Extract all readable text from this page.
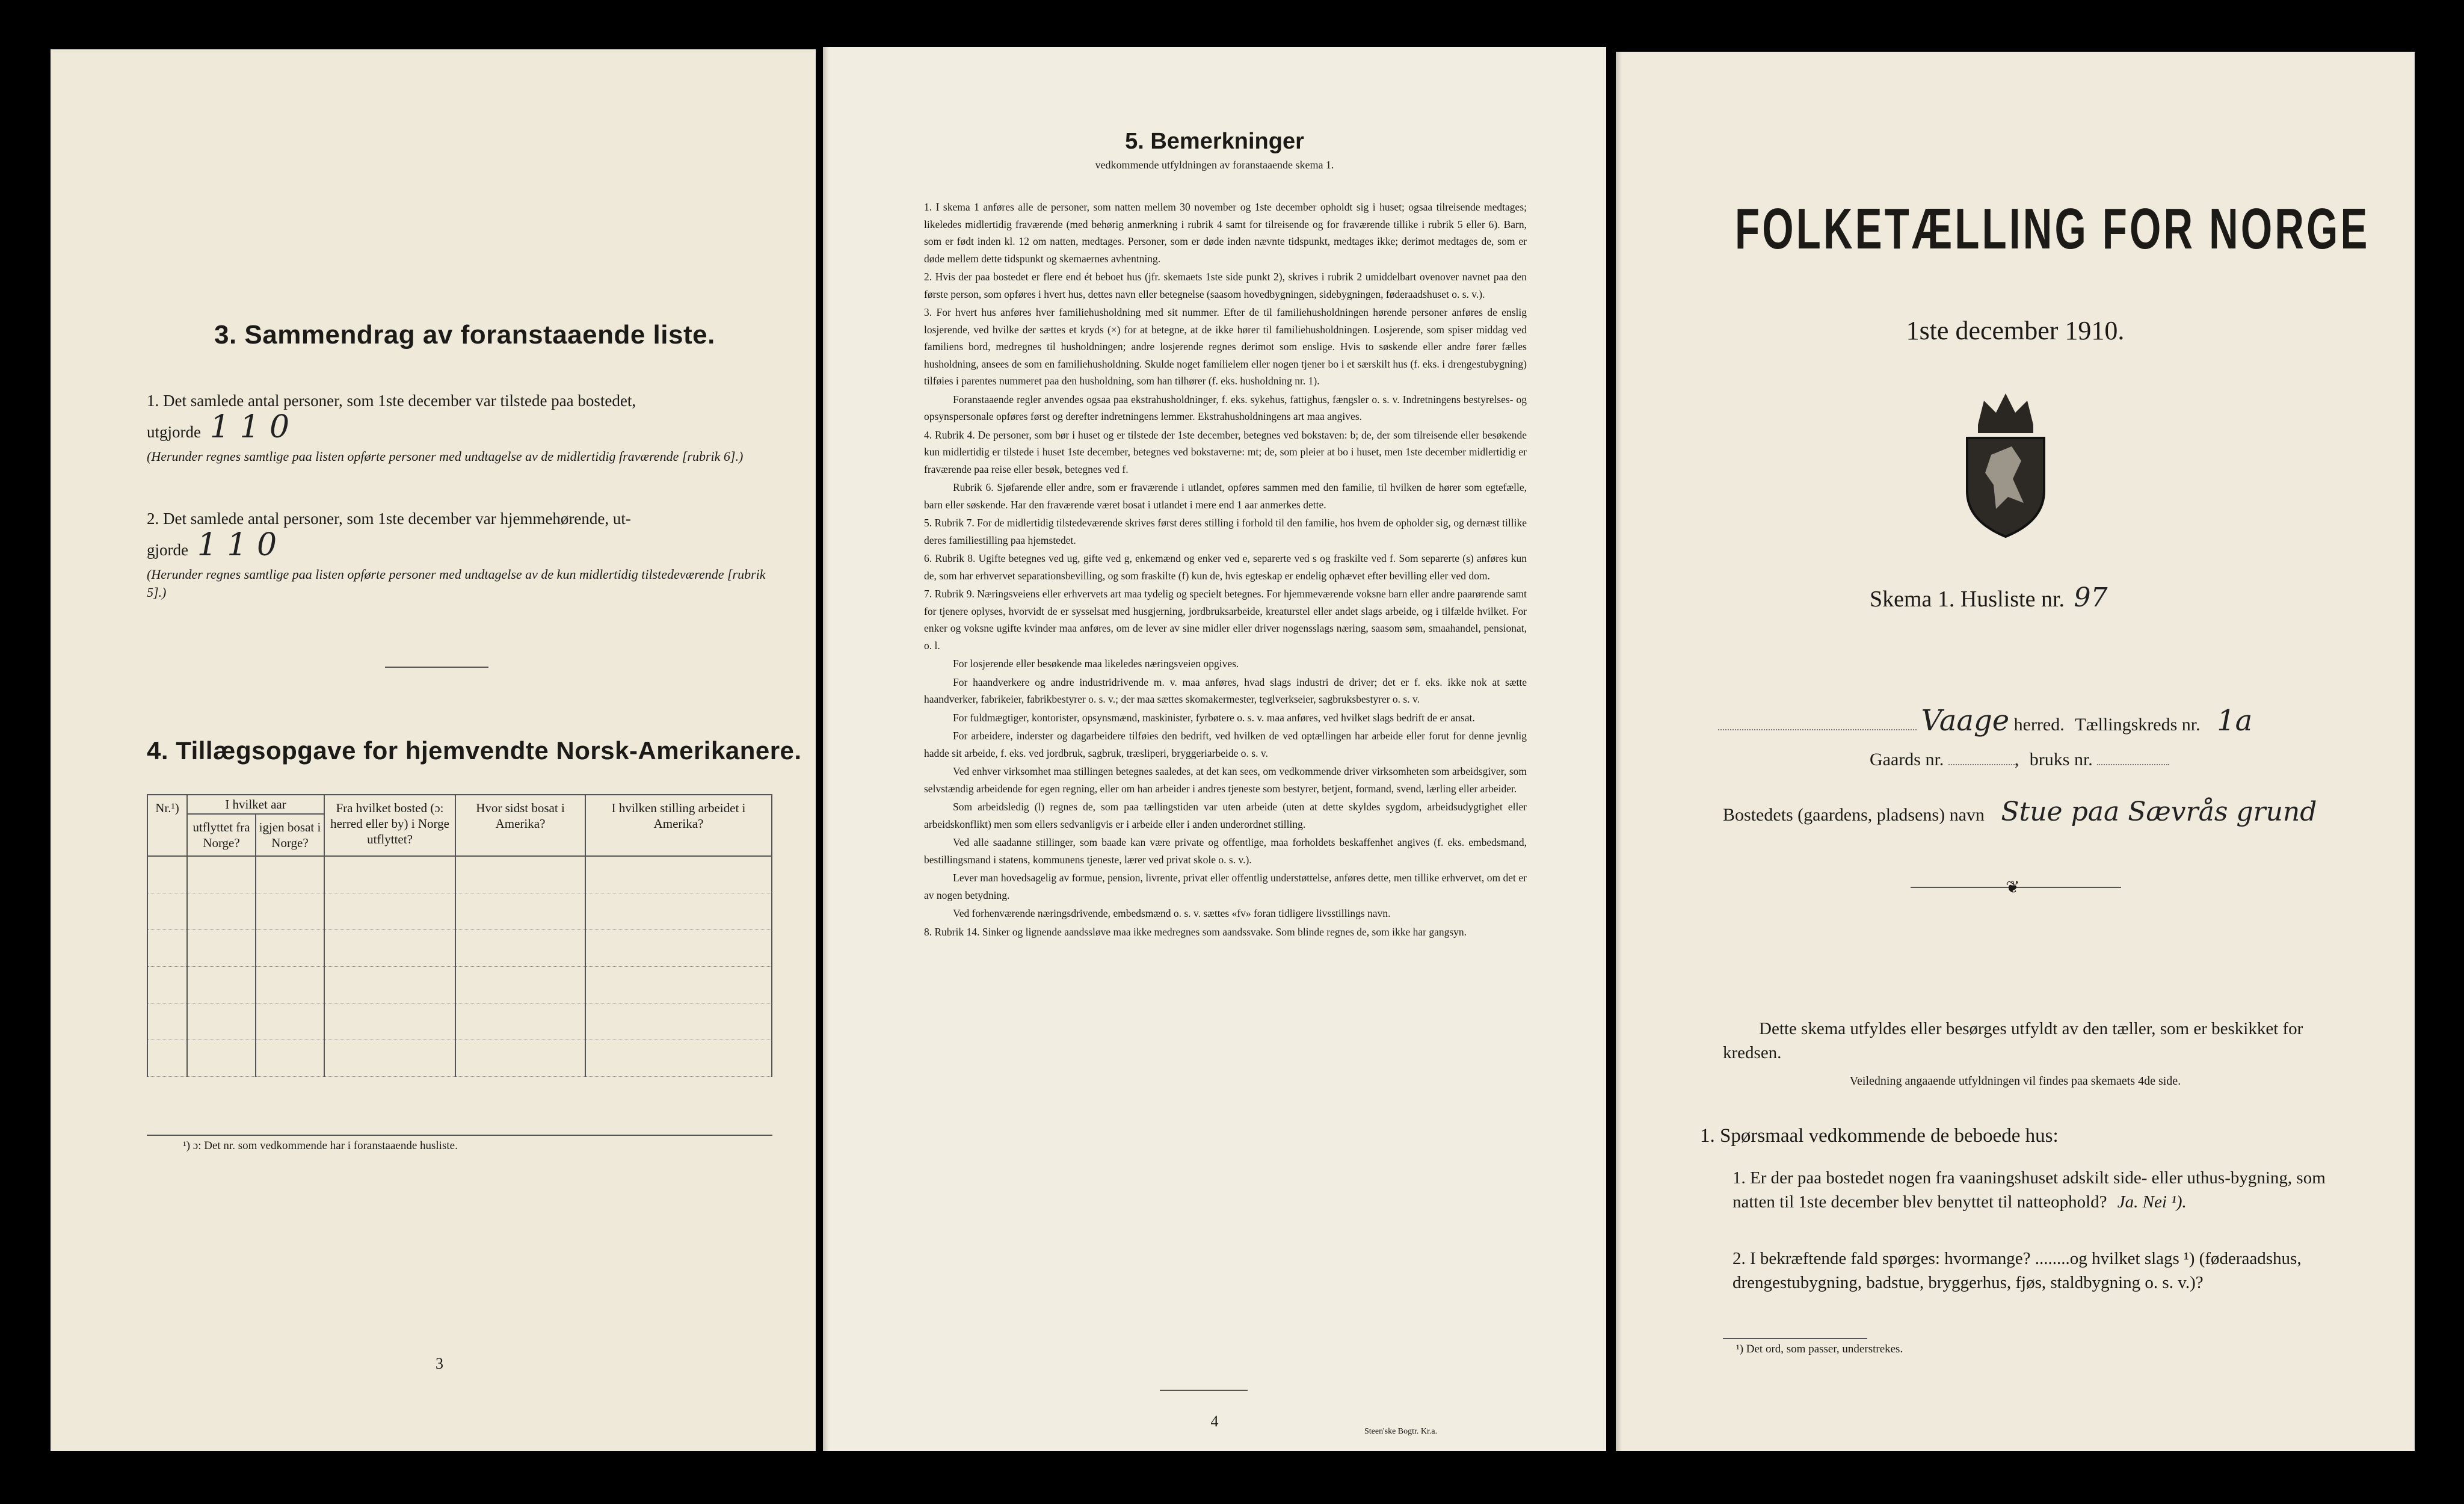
3. Sammendrag av foranstaaende liste.
1. Det samlede antal personer, som 1ste december var tilstede paa bostedet,
utgjorde 1 1 0
(Herunder regnes samtlige paa listen opførte personer med undtagelse av de midlertidig fraværende [rubrik 6].)
2. Det samlede antal personer, som 1ste december var hjemmehørende, ut-
gjorde 1 1 0
(Herunder regnes samtlige paa listen opførte personer med undtagelse av de kun midlertidig tilstedeværende [rubrik 5].)
4. Tillægsopgave for hjemvendte Norsk-Amerikanere.
Nr.¹)	I hvilket aar		Fra hvilket bosted (ɔ: herred eller by) i Norge utflyttet?	Hvor sidst bosat i Amerika?	I hvilken stilling arbeidet i Amerika?
	utflyttet fra Norge?	igjen bosat i Norge?			

¹) ɔ: Det nr. som vedkommende har i foranstaaende husliste.
3
5. Bemerkninger
vedkommende utfyldningen av foranstaaende skema 1.

1. I skema 1 anføres alle de personer, som natten mellem 30 november og 1ste december opholdt sig i huset; ogsaa tilreisende medtages; likeledes midlertidig fraværende (med behørig anmerkning i rubrik 4 samt for tilreisende og for fraværende tillike i rubrik 5 eller 6). Barn, som er født inden kl. 12 om natten, medtages. Personer, som er døde inden nævnte tidspunkt, medtages ikke; derimot medtages de, som er døde mellem dette tidspunkt og skemaernes avhentning.

2. Hvis der paa bostedet er flere end ét beboet hus (jfr. skemaets 1ste side punkt 2), skrives i rubrik 2 umiddelbart ovenover navnet paa den første person, som opføres i hvert hus, dettes navn eller betegnelse (saasom hovedbygningen, sidebygningen, føderaadshuset o. s. v.).

3. For hvert hus anføres hver familiehusholdning med sit nummer. Efter de til familiehusholdningen hørende personer anføres de enslig losjerende, ved hvilke der sættes et kryds (×) for at betegne, at de ikke hører til familiehusholdningen. Losjerende, som spiser middag ved familiens bord, medregnes til husholdningen; andre losjerende regnes derimot som enslige. Hvis to søskende eller andre fører fælles husholdning, ansees de som en familiehusholdning. Skulde noget familielem eller nogen tjener bo i et særskilt hus (f. eks. i drengestubygning) tilføies i parentes nummeret paa den husholdning, som han tilhører (f. eks. husholdning nr. 1).

Foranstaaende regler anvendes ogsaa paa ekstrahusholdninger, f. eks. sykehus, fattighus, fængsler o. s. v. Indretningens bestyrelses- og opsynspersonale opføres først og derefter indretningens lemmer. Ekstrahusholdningens art maa angives.

4. Rubrik 4. De personer, som bør i huset og er tilstede der 1ste december, betegnes ved bokstaven: b; de, der som tilreisende eller besøkende kun midlertidig er tilstede i huset 1ste december, betegnes ved bokstaverne: mt; de, som pleier at bo i huset, men 1ste december midlertidig er fraværende paa reise eller besøk, betegnes ved f.

Rubrik 6. Sjøfarende eller andre, som er fraværende i utlandet, opføres sammen med den familie, til hvilken de hører som egtefælle, barn eller søskende. Har den fraværende været bosat i utlandet i mere end 1 aar anmerkes dette.

5. Rubrik 7. For de midlertidig tilstedeværende skrives først deres stilling i forhold til den familie, hos hvem de opholder sig, og dernæst tillike deres familiestilling paa hjemstedet.

6. Rubrik 8. Ugifte betegnes ved ug, gifte ved g, enkemænd og enker ved e, separerte ved s og fraskilte ved f. Som separerte (s) anføres kun de, som har erhvervet separationsbevilling, og som fraskilte (f) kun de, hvis egteskap er endelig ophævet efter bevilling eller ved dom.

7. Rubrik 9. Næringsveiens eller erhvervets art maa tydelig og specielt betegnes. For hjemmeværende voksne barn eller andre paarørende samt for tjenere oplyses, hvorvidt de er sysselsat med husgjerning, jordbruksarbeide, kreaturstel eller andet slags arbeide, og i tilfælde hvilket. For enker og voksne ugifte kvinder maa anføres, om de lever av sine midler eller driver nogensslags næring, saasom søm, smaahandel, pensionat, o. l.

For losjerende eller besøkende maa likeledes næringsveien opgives.

For haandverkere og andre industridrivende m. v. maa anføres, hvad slags industri de driver; det er f. eks. ikke nok at sætte haandverker, fabrikeier, fabrikbestyrer o. s. v.; der maa sættes skomakermester, teglverkseier, sagbruksbestyrer o. s. v.

For fuldmægtiger, kontorister, opsynsmænd, maskinister, fyrbøtere o. s. v. maa anføres, ved hvilket slags bedrift de er ansat.

For arbeidere, inderster og dagarbeidere tilføies den bedrift, ved hvilken de ved optællingen har arbeide eller forut for denne jevnlig hadde sit arbeide, f. eks. ved jordbruk, sagbruk, træsliperi, bryggeriarbeide o. s. v.

Ved enhver virksomhet maa stillingen betegnes saaledes, at det kan sees, om vedkommende driver virksomheten som arbeidsgiver, som selvstændig arbeidende for egen regning, eller om han arbeider i andres tjeneste som bestyrer, betjent, formand, svend, lærling eller arbeider.

Som arbeidsledig (l) regnes de, som paa tællingstiden var uten arbeide (uten at dette skyldes sygdom, arbeidsudygtighet eller arbeidskonflikt) men som ellers sedvanligvis er i arbeide eller i anden underordnet stilling.

Ved alle saadanne stillinger, som baade kan være private og offentlige, maa forholdets beskaffenhet angives (f. eks. embedsmand, bestillingsmand i statens, kommunens tjeneste, lærer ved privat skole o. s. v.).

Lever man hovedsagelig av formue, pension, livrente, privat eller offentlig understøttelse, anføres dette, men tillike erhvervet, om det er av nogen betydning.

Ved forhenværende næringsdrivende, embedsmænd o. s. v. sættes «fv» foran tidligere livsstillings navn.

8. Rubrik 14. Sinker og lignende aandssløve maa ikke medregnes som aandssvake. Som blinde regnes de, som ikke har gangsyn.

4
Steen'ske Bogtr. Kr.a.
FOLKETÆLLING FOR NORGE
1ste december 1910.
Skema 1. Husliste nr. 97
Vaage herred. Tællingskreds nr. 1a
Gaards nr.	, bruks nr.
Bostedets (gaardens, pladsens) navn Stue paa Sævrås grund
❦
Dette skema utfyldes eller besørges utfyldt av den tæller, som er beskikket for kredsen.
Veiledning angaaende utfyldningen vil findes paa skemaets 4de side.
1. Spørsmaal vedkommende de beboede hus:
1. Er der paa bostedet nogen fra vaaningshuset adskilt side- eller uthus-bygning, som natten til 1ste december blev benyttet til natteophold? Ja. Nei ¹).
2. I bekræftende fald spørges: hvormange? ........og hvilket slags ¹) (føderaadshus, drengestubygning, badstue, bryggerhus, fjøs, staldbygning o. s. v.)?
¹) Det ord, som passer, understrekes.
